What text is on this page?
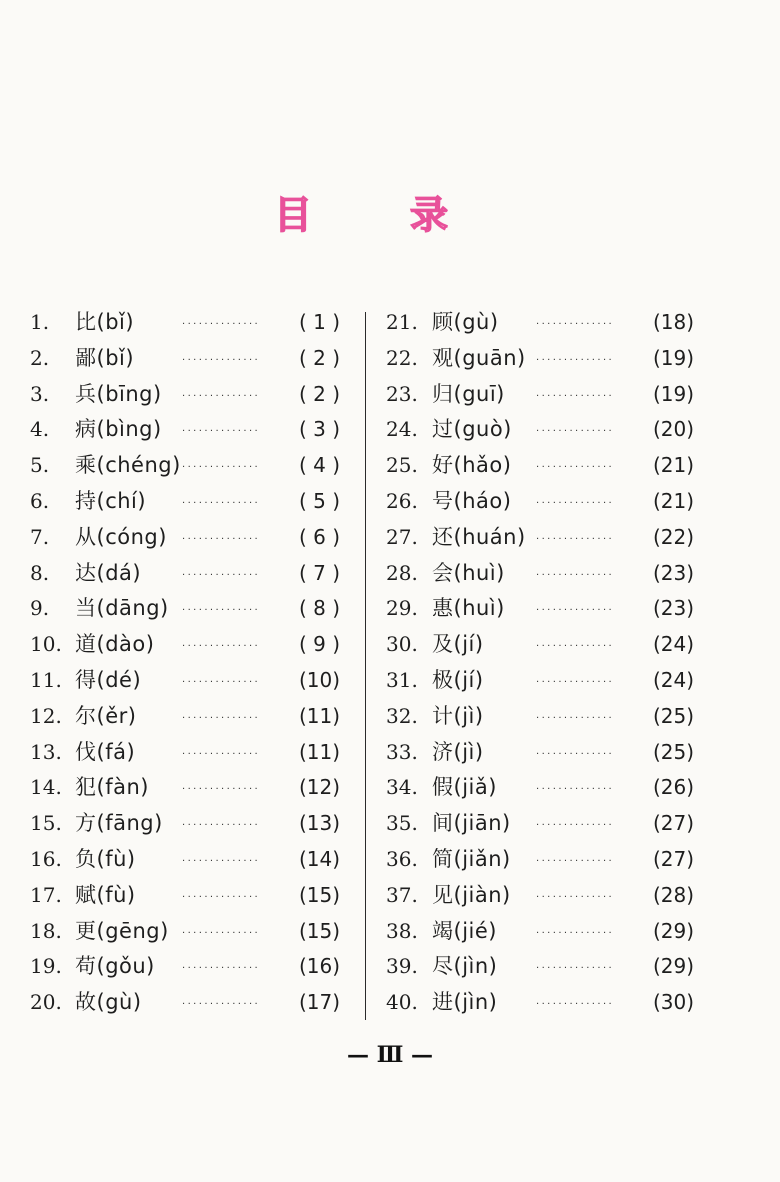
目	录
1. 比(bǐ)	··············	( 1 )
2. 鄙(bǐ)	··············	( 2 )
3. 兵(bīng) ··············	( 2 )
4. 病(bìng) ··············	( 3 )
5. 乘(chéng) ··············	( 4 )
6. 持(chí)	··············	( 5 )
7. 从(cóng) ··············	( 6 )
8. 达(dá)	··············	( 7 )
9. 当(dāng) ··············	( 8 )
10. 道(dào)	··············	( 9 )
11. 得(dé)	··············	(10)
12. 尔(ěr)	··············	(11)
13. 伐(fá)	··············	(11)
14. 犯(fàn)	··············	(12)
15. 方(fāng) ··············	(13)
16. 负(fù)	··············	(14)
17. 赋(fù)	··············	(15)
18. 更(gēng) ··············	(15)
19. 苟(gǒu)	··············	(16)
20. 故(gù)	··············	(17)
21. 顾(gù)	··············	(18)
22. 观(guān) ··············	(19)
23. 归(guī)	··············	(19)
24. 过(guò) ··············	(20)
25. 好(hǎo) ··············	(21)
26. 号(háo) ··············	(21)
27. 还(huán) ··············	(22)
28. 会(huì)	··············	(23)
29. 惠(huì)	··············	(23)
30. 及(jí)	··············	(24)
31. 极(jí)	··············	(24)
32. 计(jì)	··············	(25)
33. 济(jì)	··············	(25)
34. 假(jiǎ)	··············	(26)
35. 间(jiān)	··············	(27)
36. 简(jiǎn)	··············	(27)
37. 见(jiàn)	··············	(28)
38. 竭(jié)	··············	(29)
39. 尽(jìn)	··············	(29)
40. 进(jìn)	··············	(30)
— Ⅲ —
